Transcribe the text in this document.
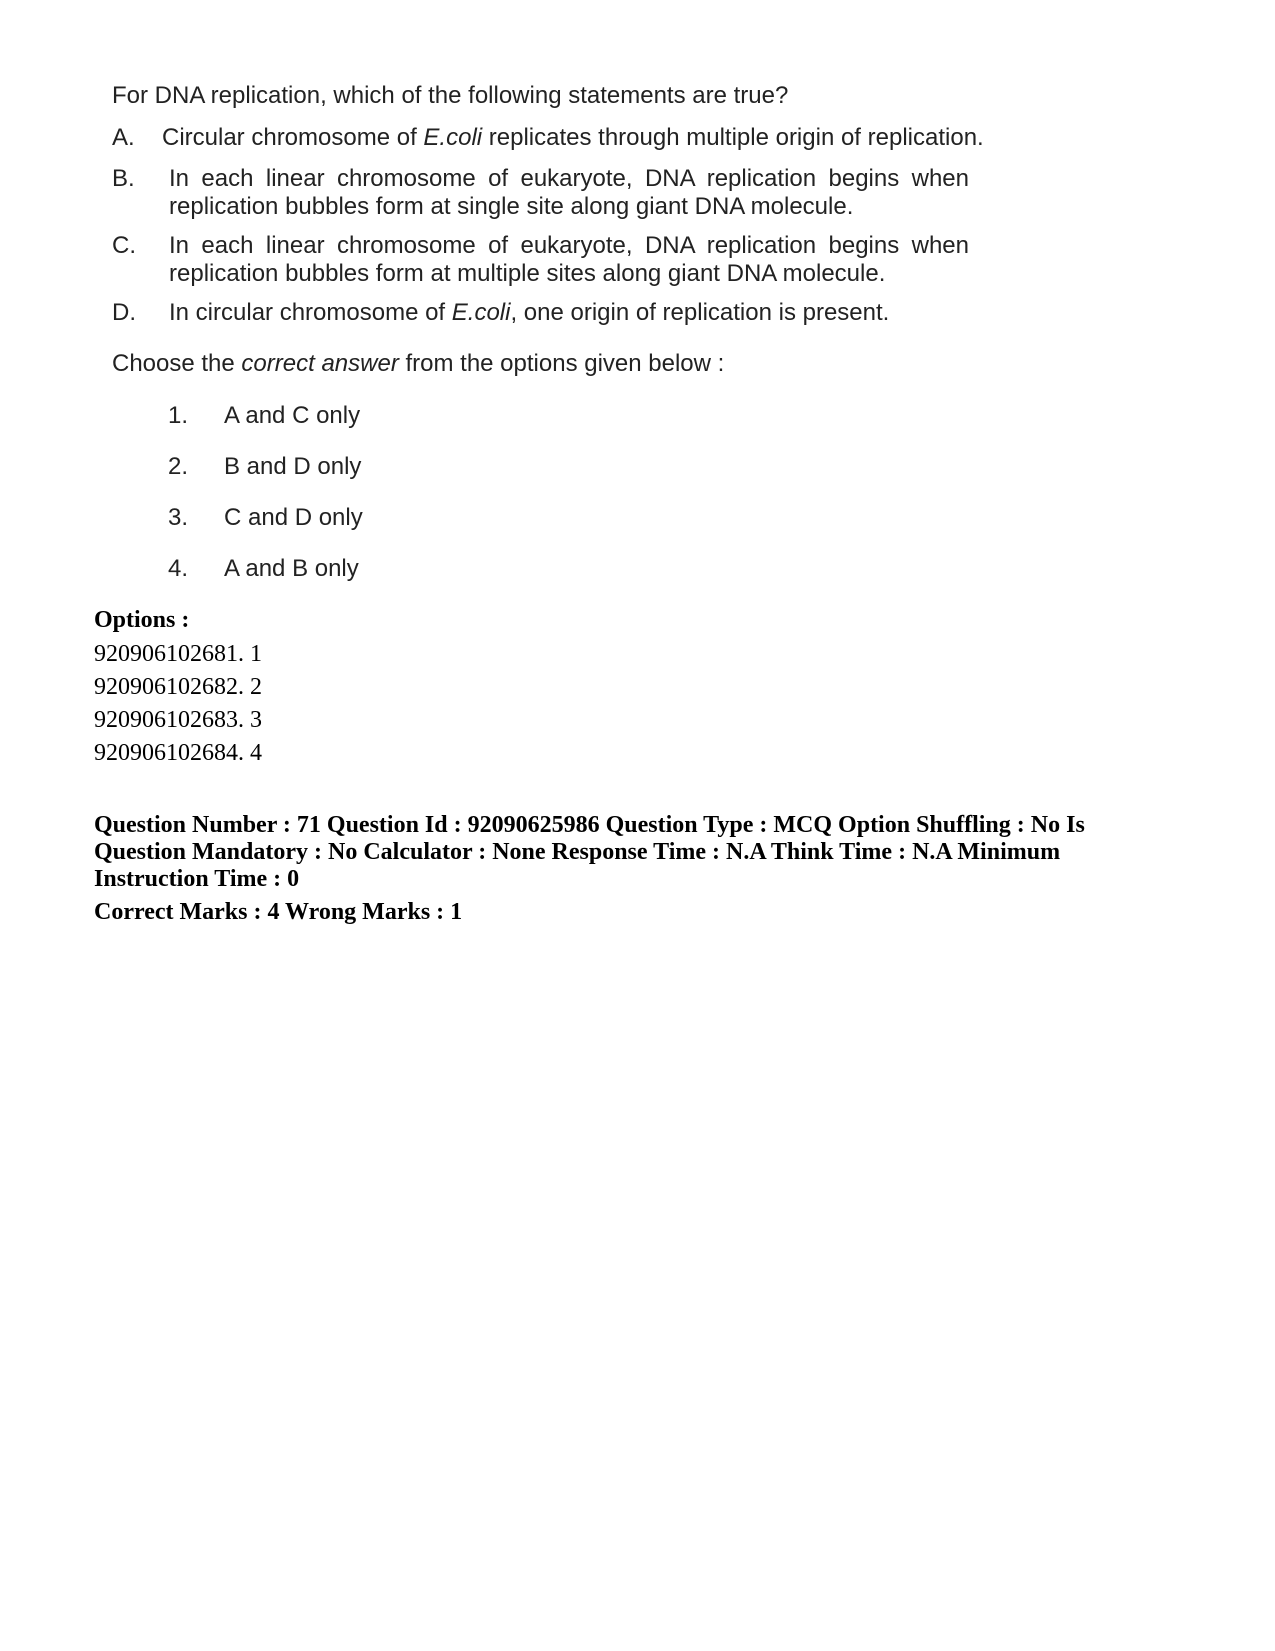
For DNA replication, which of the following statements are true?
A. Circular chromosome of E.coli replicates through multiple origin of replication.
B. In each linear chromosome of eukaryote, DNA replication begins when replication bubbles form at single site along giant DNA molecule.
C. In each linear chromosome of eukaryote, DNA replication begins when replication bubbles form at multiple sites along giant DNA molecule.
D. In circular chromosome of E.coli, one origin of replication is present.
Choose the correct answer from the options given below :
1. A and C only
2. B and D only
3. C and D only
4. A and B only
Options :
920906102681. 1
920906102682. 2
920906102683. 3
920906102684. 4
Question Number : 71 Question Id : 92090625986 Question Type : MCQ Option Shuffling : No Is Question Mandatory : No Calculator : None Response Time : N.A Think Time : N.A Minimum Instruction Time : 0
Correct Marks : 4 Wrong Marks : 1
